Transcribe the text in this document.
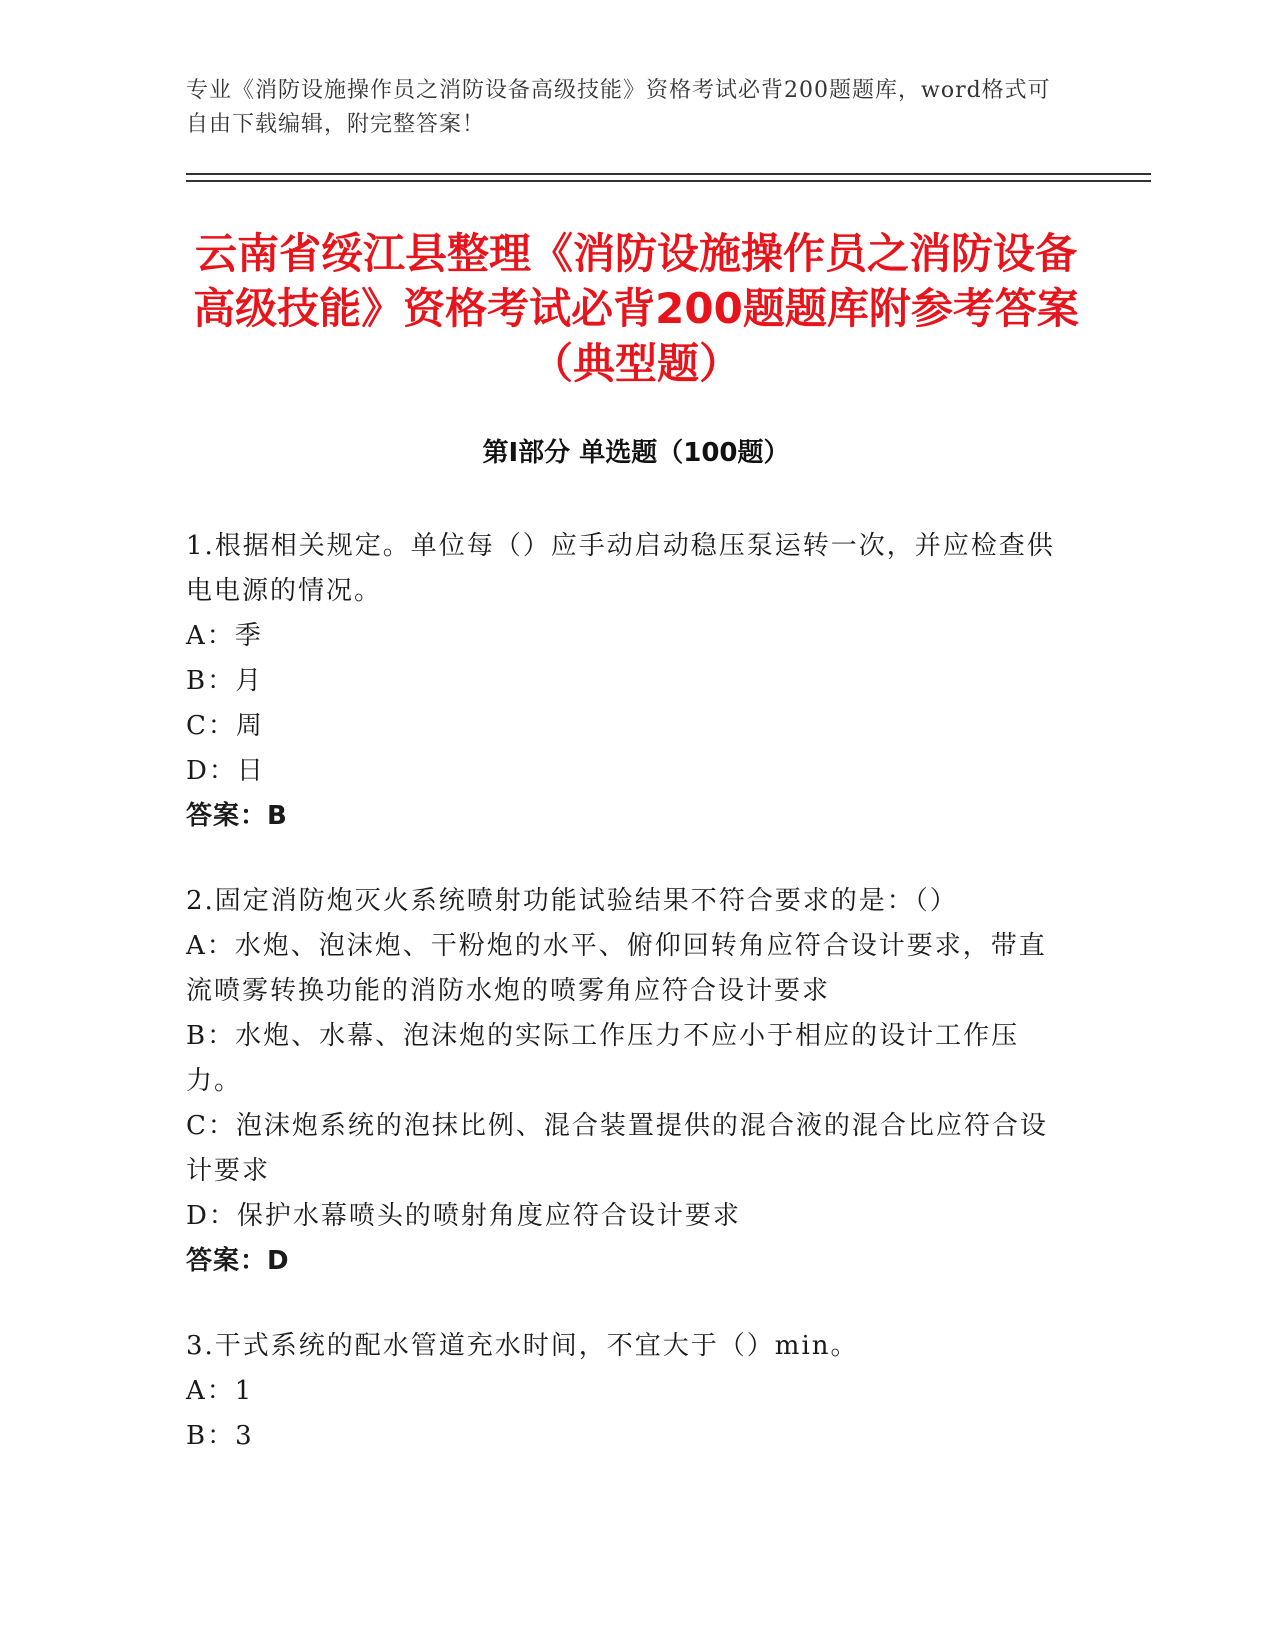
专业《消防设施操作员之消防设备高级技能》资格考试必背200题题库，word格式可自由下载编辑，附完整答案！
云南省绥江县整理《消防设施操作员之消防设备高级技能》资格考试必背200题题库附参考答案（典型题）
第Ⅰ部分 单选题（100题）
1.根据相关规定。单位每（）应手动启动稳压泵运转一次，并应检查供电电源的情况。
A：季
B：月
C：周
D：日
答案：B
2.固定消防炮灭火系统喷射功能试验结果不符合要求的是：（）
A：水炮、泡沫炮、干粉炮的水平、俯仰回转角应符合设计要求，带直流喷雾转换功能的消防水炮的喷雾角应符合设计要求
B：水炮、水幕、泡沫炮的实际工作压力不应小于相应的设计工作压力。
C：泡沫炮系统的泡抹比例、混合装置提供的混合液的混合比应符合设计要求
D：保护水幕喷头的喷射角度应符合设计要求
答案：D
3.干式系统的配水管道充水时间，不宜大于（）min。
A：1
B：3
